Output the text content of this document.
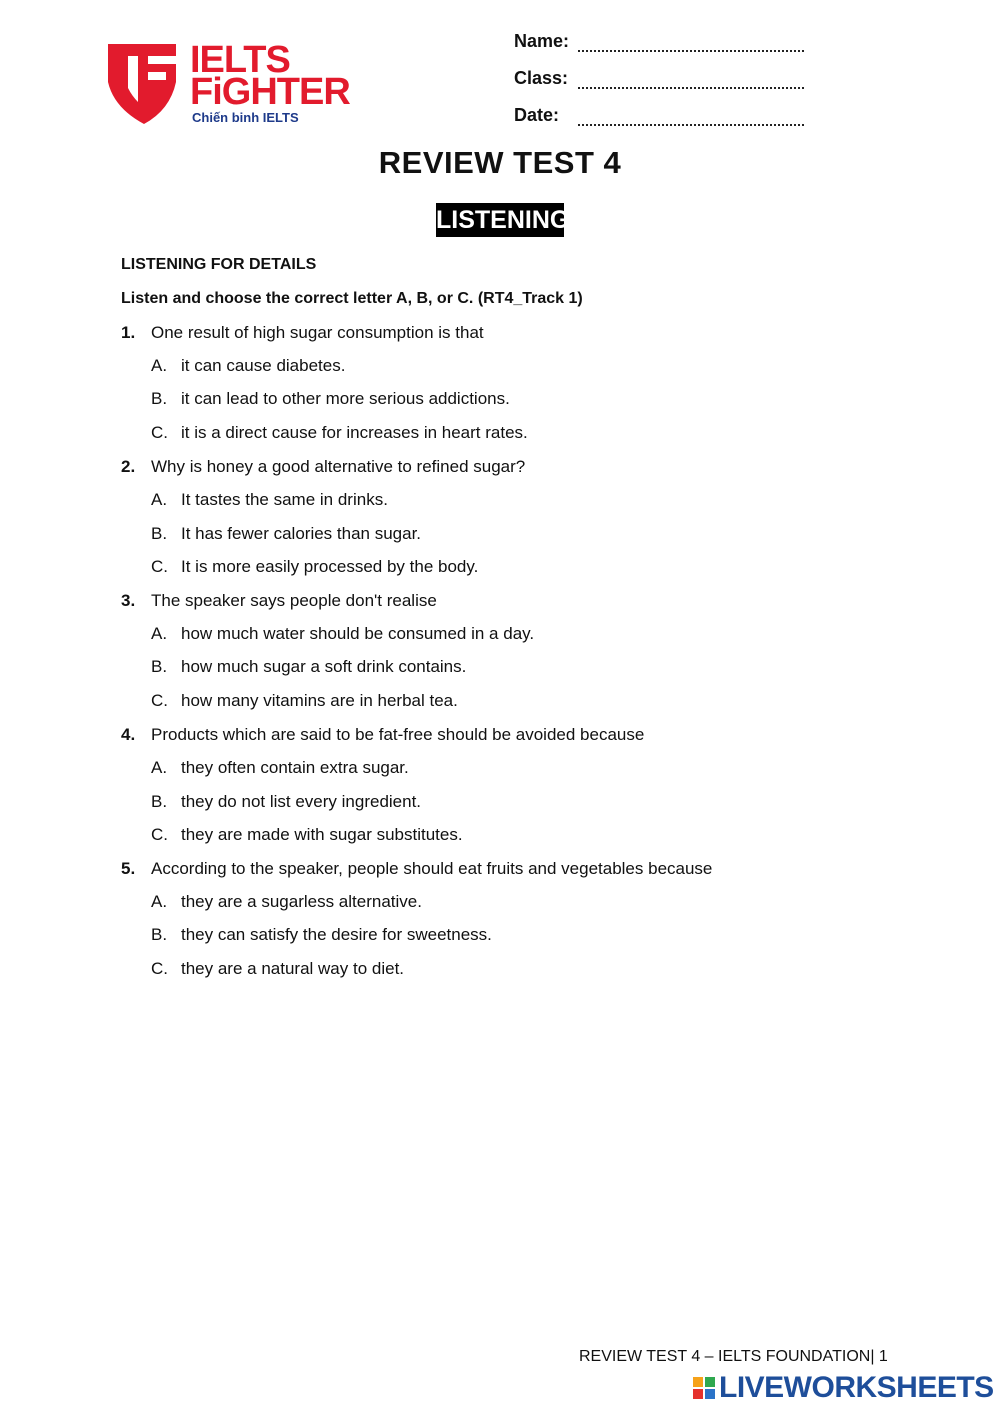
IELTS
FiGHTER
Chiến binh IELTS
Name:
Class:
Date:
REVIEW TEST 4
LISTENING
LISTENING FOR DETAILS
Listen and choose the correct letter A, B, or C. (RT4_Track 1)
1. One result of high sugar consumption is that
A. it can cause diabetes.
B. it can lead to other more serious addictions.
C. it is a direct cause for increases in heart rates.
2. Why is honey a good alternative to refined sugar?
A. It tastes the same in drinks.
B. It has fewer calories than sugar.
C. It is more easily processed by the body.
3. The speaker says people don't realise
A. how much water should be consumed in a day.
B. how much sugar a soft drink contains.
C. how many vitamins are in herbal tea.
4. Products which are said to be fat-free should be avoided because
A. they often contain extra sugar.
B. they do not list every ingredient.
C. they are made with sugar substitutes.
5. According to the speaker, people should eat fruits and vegetables because
A. they are a sugarless alternative.
B. they can satisfy the desire for sweetness.
C. they are a natural way to diet.
REVIEW TEST 4 – IELTS FOUNDATION| 1
LIVEWORKSHEETS
